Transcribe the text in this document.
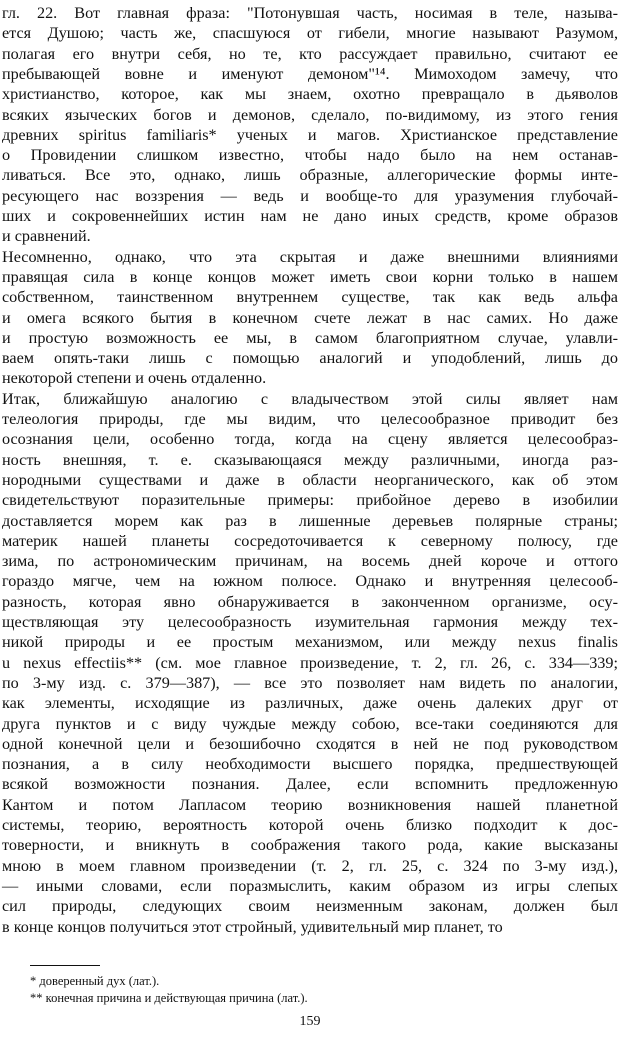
гл. 22. Вот главная фраза: "Потонувшая часть, носимая в теле, называ-
ется Душою; часть же, спасшуюся от гибели, многие называют Разумом,
полагая его внутри себя, но те, кто рассуждает правильно, считают ее
пребывающей вовне и именуют демоном"¹⁴. Мимоходом замечу, что
христианство, которое, как мы знаем, охотно превращало в дьяволов
всяких языческих богов и демонов, сделало, по-видимому, из этого гения
древних spiritus familiaris* ученых и магов. Христианское представление
о Провидении слишком известно, чтобы надо было на нем останав-
ливаться. Все это, однако, лишь образные, аллегорические формы инте-
ресующего нас воззрения — ведь и вообще-то для уразумения глубочай-
ших и сокровеннейших истин нам не дано иных средств, кроме образов
и сравнений.
Несомненно, однако, что эта скрытая и даже внешними влияниями
правящая сила в конце концов может иметь свои корни только в нашем
собственном, таинственном внутреннем существе, так как ведь альфа
и омега всякого бытия в конечном счете лежат в нас самих. Но даже
и простую возможность ее мы, в самом благоприятном случае, улавли-
ваем опять-таки лишь с помощью аналогий и уподоблений, лишь до
некоторой степени и очень отдаленно.
Итак, ближайшую аналогию с владычеством этой силы являет нам
телеология природы, где мы видим, что целесообразное приводит без
осознания цели, особенно тогда, когда на сцену является целесообраз-
ность внешняя, т. е. сказывающаяся между различными, иногда раз-
нородными существами и даже в области неорганического, как об этом
свидетельствуют поразительные примеры: прибойное дерево в изобилии
доставляется морем как раз в лишенные деревьев полярные страны;
материк нашей планеты сосредоточивается к северному полюсу, где
зима, по астрономическим причинам, на восемь дней короче и оттого
гораздо мягче, чем на южном полюсе. Однако и внутренняя целесооб-
разность, которая явно обнаруживается в законченном организме, осу-
ществляющая эту целесообразность изумительная гармония между тех-
никой природы и ее простым механизмом, или между nexus finalis
u nexus effectiis** (см. мое главное произведение, т. 2, гл. 26, с. 334—339;
по 3-му изд. с. 379—387), — все это позволяет нам видеть по аналогии,
как элементы, исходящие из различных, даже очень далеких друг от
друга пунктов и с виду чуждые между собою, все-таки соединяются для
одной конечной цели и безошибочно сходятся в ней не под руководством
познания, а в силу необходимости высшего порядка, предшествующей
всякой возможности познания. Далее, если вспомнить предложенную
Кантом и потом Лапласом теорию возникновения нашей планетной
системы, теорию, вероятность которой очень близко подходит к дос-
товерности, и вникнуть в соображения такого рода, какие высказаны
мною в моем главном произведении (т. 2, гл. 25, с. 324 по 3-му изд.),
— иными словами, если поразмыслить, каким образом из игры слепых
сил природы, следующих своим неизменным законам, должен был
в конце концов получиться этот стройный, удивительный мир планет, то
* доверенный дух (лат.).
** конечная причина и действующая причина (лат.).
159
